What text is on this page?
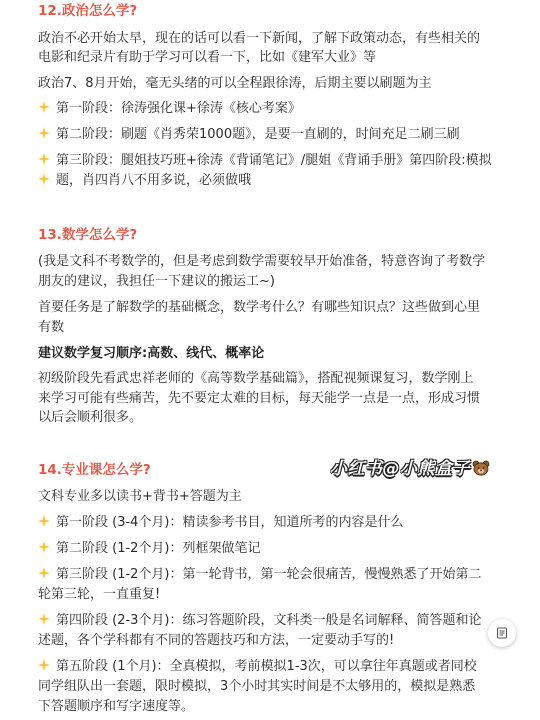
12.政治怎么学?
政治不必开始太早，现在的话可以看一下新闻，了解下政策动态，有些相关的
电影和纪录片有助于学习可以看一下，比如《建军大业》等
政治7、8月开始，毫无头绪的可以全程跟徐涛，后期主要以刷题为主
第一阶段：徐涛强化课+徐涛《核心考案》
第二阶段：刷题《肖秀荣1000题》，是要一直刷的，时间充足二刷三刷
第三阶段：腿姐技巧班+徐涛《背诵笔记》/腿姐《背诵手册》第四阶段:模拟
题，肖四肖八不用多说，必须做哦
13.数学怎么学?
(我是文科不考数学的，但是考虑到数学需要较早开始准备，特意咨询了考数学
朋友的建议，我担任一下建议的搬运工~)
首要任务是了解数学的基础概念，数学考什么？有哪些知识点？这些做到心里
有数
建议数学复习顺序:高数、线代、概率论
初级阶段先看武忠祥老师的《高等数学基础篇》，搭配视频课复习，数学刚上
来学习可能有些痛苦，先不要定太难的目标，每天能学一点是一点，形成习惯
以后会顺利很多。
14.专业课怎么学?	小红书@小熊盒子
文科专业多以读书+背书+答题为主
第一阶段 (3-4个月)：精读参考书目，知道所考的内容是什么
第二阶段 (1-2个月)：列框架做笔记
第三阶段 (1-2个月)：第一轮背书，第一轮会很痛苦，慢慢熟悉了开始第二
轮第三轮，一直重复!
第四阶段 (2-3个月)：练习答题阶段，文科类一般是名词解释、简答题和论
述题，各个学科都有不同的答题技巧和方法，一定要动手写的!
第五阶段 (1个月)：全真模拟，考前模拟1-3次，可以拿往年真题或者同校
同学组队出一套题，限时模拟，3个小时其实时间是不太够用的，模拟是熟悉
下答题顺序和写字速度等。
